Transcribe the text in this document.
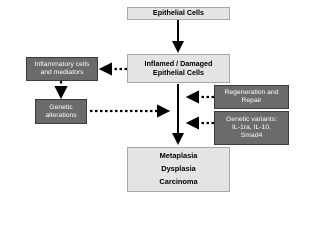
Epithelial Cells
Inflamed / Damaged
Epithelial Cells
Inflammatory cells
and mediators
Genetic
alterations
Regeneration and
Repair
Genetic variants:
IL-1ra, IL-10,
Smad4
Metaplasia
Dysplasia
Carcinoma
